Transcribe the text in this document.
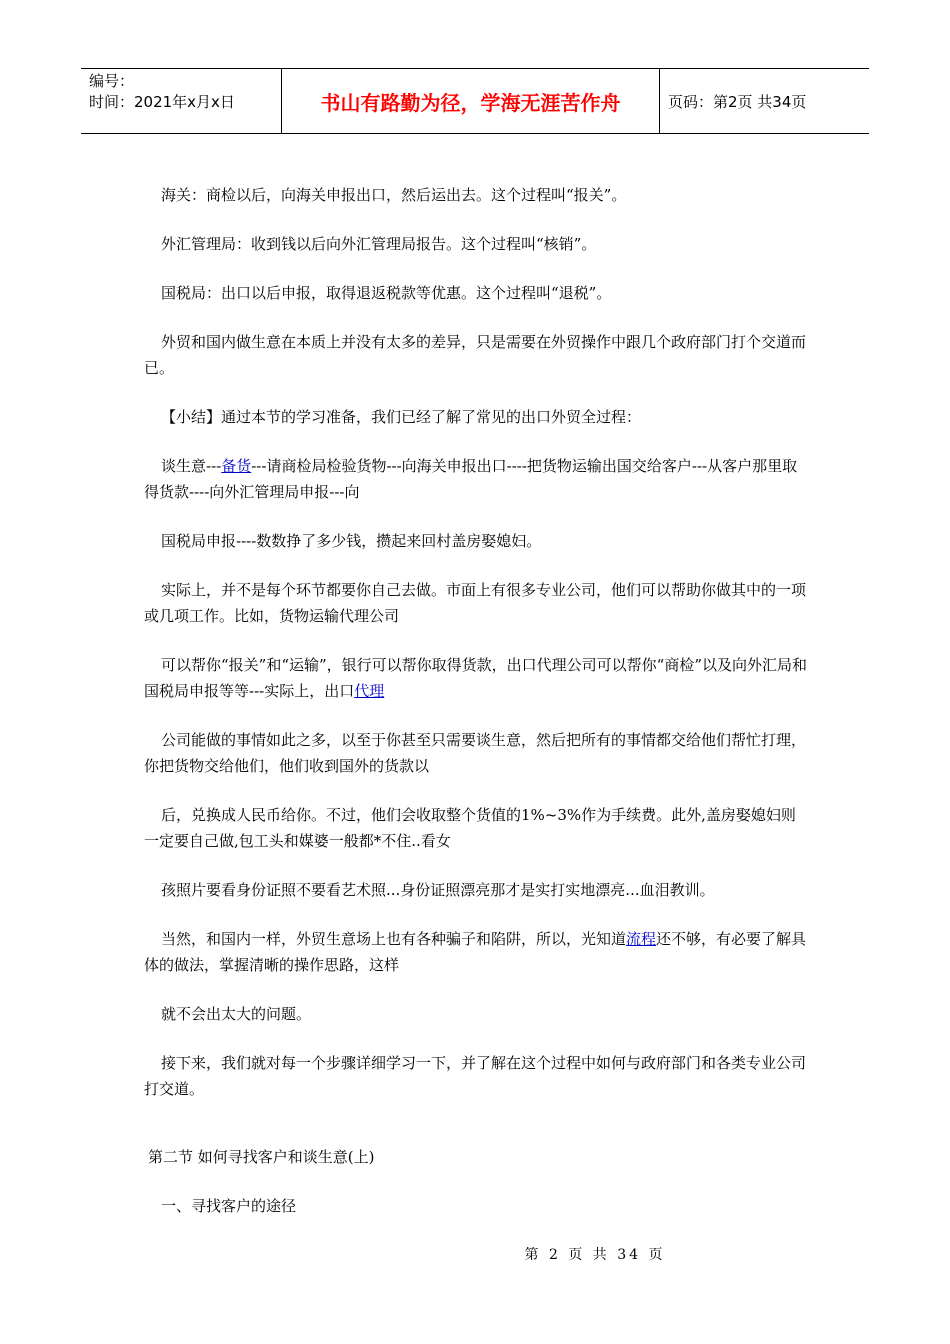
编号：
时间：2021年x月x日	书山有路勤为径，学海无涯苦作舟	页码：第2页 共34页

海关：商检以后，向海关申报出口，然后运出去。这个过程叫“报关”。

外汇管理局：收到钱以后向外汇管理局报告。这个过程叫“核销”。

国税局：出口以后申报，取得退返税款等优惠。这个过程叫“退税”。

外贸和国内做生意在本质上并没有太多的差异，只是需要在外贸操作中跟几个政府部门打个交道而已。

【小结】通过本节的学习准备，我们已经了解了常见的出口外贸全过程：

谈生意---备货---请商检局检验货物---向海关申报出口----把货物运输出国交给客户---从客户那里取得货款----向外汇管理局申报---向

国税局申报----数数挣了多少钱，攒起来回村盖房娶媳妇。

实际上，并不是每个环节都要你自己去做。市面上有很多专业公司，他们可以帮助你做其中的一项或几项工作。比如，货物运输代理公司

可以帮你“报关”和“运输”，银行可以帮你取得货款，出口代理公司可以帮你“商检”以及向外汇局和国税局申报等等---实际上，出口代理

公司能做的事情如此之多，以至于你甚至只需要谈生意，然后把所有的事情都交给他们帮忙打理，你把货物交给他们，他们收到国外的货款以

后，兑换成人民币给你。不过，他们会收取整个货值的1%~3%作为手续费。此外,盖房娶媳妇则一定要自己做,包工头和媒婆一般都*不住..看女

孩照片要看身份证照不要看艺术照...身份证照漂亮那才是实打实地漂亮...血泪教训。

当然，和国内一样，外贸生意场上也有各种骗子和陷阱，所以，光知道流程还不够，有必要了解具体的做法，掌握清晰的操作思路，这样

就不会出太大的问题。

接下来，我们就对每一个步骤详细学习一下，并了解在这个过程中如何与政府部门和各类专业公司打交道。

第二节 如何寻找客户和谈生意(上)

一、寻找客户的途径

第 2 页 共 34 页
